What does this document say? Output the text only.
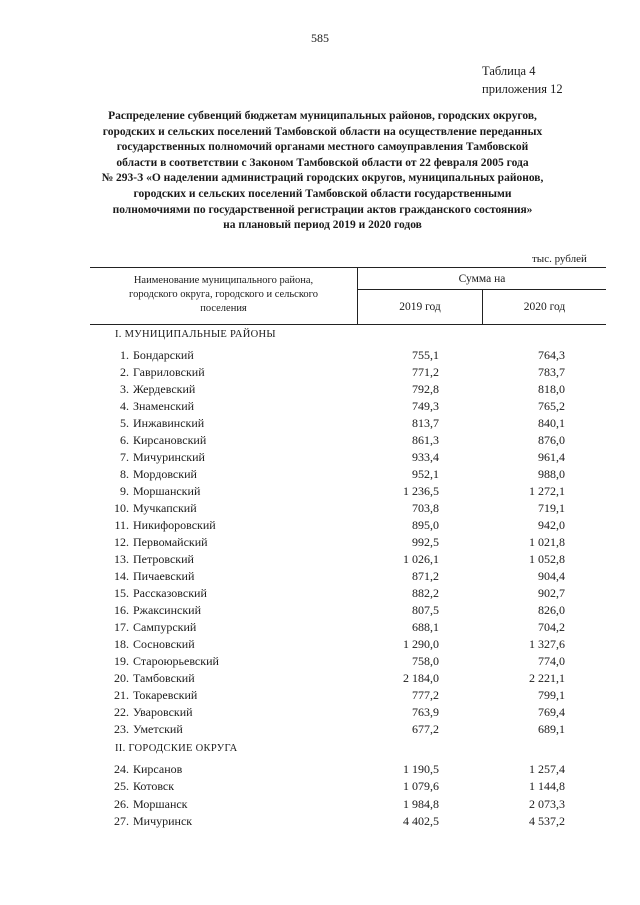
585
Таблица 4
приложения 12
Распределение субвенций бюджетам муниципальных районов, городских округов,
городских и сельских поселений Тамбовской области на осуществление переданных
государственных полномочий органами местного самоуправления Тамбовской
области в соответствии с Законом Тамбовской области от 22 февраля 2005 года
№ 293-З «О наделении администраций городских округов, муниципальных районов,
городских и сельских поселений Тамбовской области государственными
полномочиями по государственной регистрации актов гражданского состояния»
на плановый период 2019 и 2020 годов
тыс. рублей
Наименование муниципального района,
городского округа, городского и сельского
поселения
Сумма на
2019 год	2020 год
I. МУНИЦИПАЛЬНЫЕ РАЙОНЫ
1. Бондарский	755,1	764,3
2. Гавриловский	771,2	783,7
3. Жердевский	792,8	818,0
4. Знаменский	749,3	765,2
5. Инжавинский	813,7	840,1
6. Кирсановский	861,3	876,0
7. Мичуринский	933,4	961,4
8. Мордовский	952,1	988,0
9. Моршанский	1 236,5	1 272,1
10. Мучкапский	703,8	719,1
11. Никифоровский	895,0	942,0
12. Первомайский	992,5	1 021,8
13. Петровский	1 026,1	1 052,8
14. Пичаевский	871,2	904,4
15. Рассказовский	882,2	902,7
16. Ржаксинский	807,5	826,0
17. Сампурский	688,1	704,2
18. Сосновский	1 290,0	1 327,6
19. Староюрьевский	758,0	774,0
20. Тамбовский	2 184,0	2 221,1
21. Токаревский	777,2	799,1
22. Уваровский	763,9	769,4
23. Уметский	677,2	689,1
II. ГОРОДСКИЕ ОКРУГА
24. Кирсанов	1 190,5	1 257,4
25. Котовск	1 079,6	1 144,8
26. Моршанск	1 984,8	2 073,3
27. Мичуринск	4 402,5	4 537,2
